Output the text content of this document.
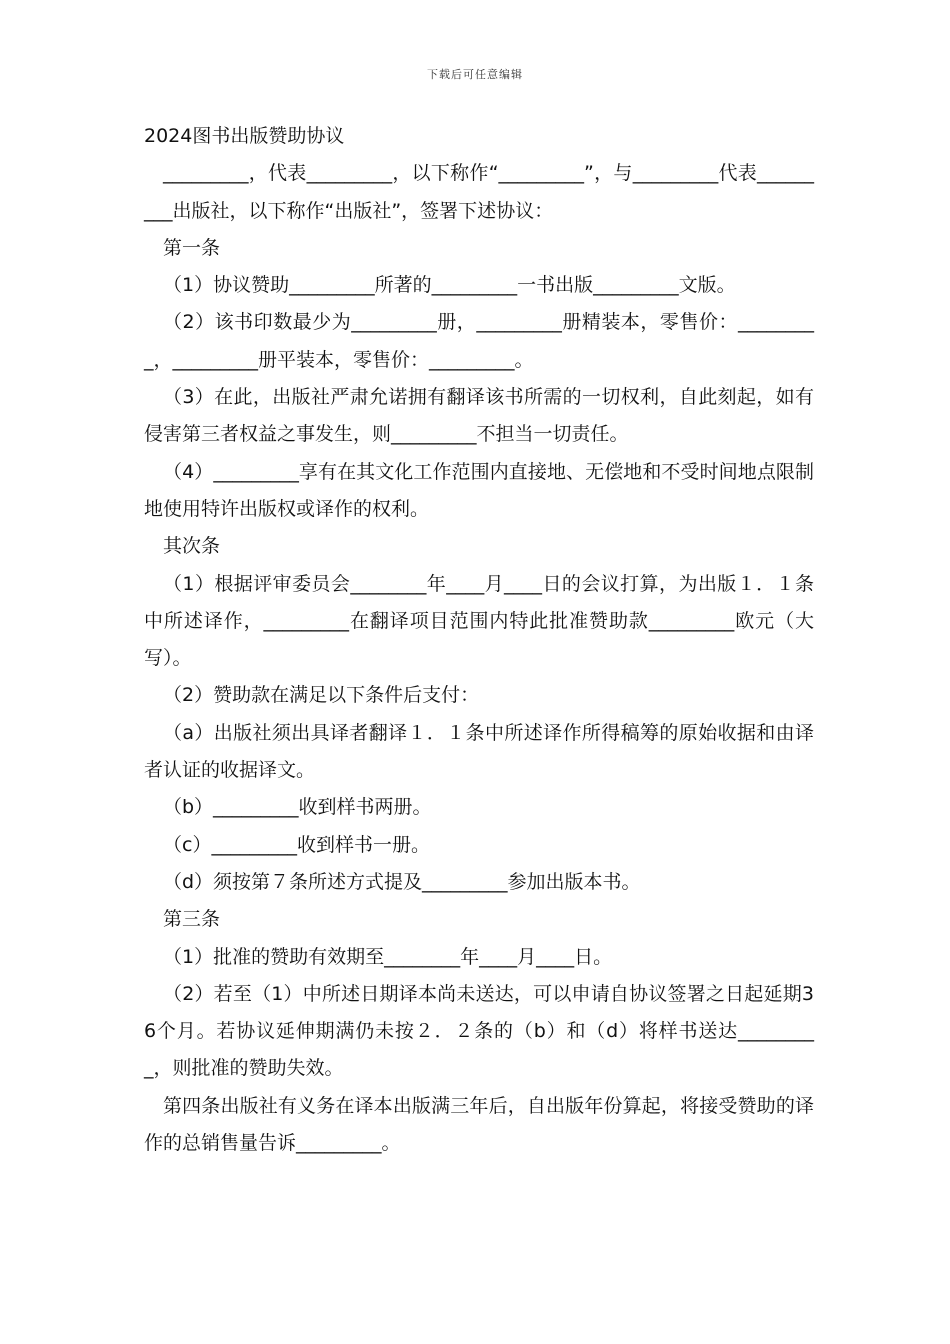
下载后可任意编辑

2024图书出版赞助协议

_________，代表_________，以下称作“_________”，与_________代表_________出版社，以下称作“出版社”，签署下述协议：

第一条

（1）协议赞助_________所著的_________一书出版_________文版。

（2）该书印数最少为_________册，_________册精装本，零售价：_________，_________册平装本，零售价：_________。

（3）在此，出版社严肃允诺拥有翻译该书所需的一切权利，自此刻起，如有侵害第三者权益之事发生，则_________不担当一切责任。

（4）_________享有在其文化工作范围内直接地、无偿地和不受时间地点限制地使用特许出版权或译作的权利。

其次条

（1）根据评审委员会________年____月____日的会议打算，为出版１．１条中所述译作，_________在翻译项目范围内特此批准赞助款_________欧元（大写）。

（2）赞助款在满足以下条件后支付：

（a）出版社须出具译者翻译１．１条中所述译作所得稿筹的原始收据和由译者认证的收据译文。

（b）_________收到样书两册。

（c）_________收到样书一册。

（d）须按第７条所述方式提及_________参加出版本书。

第三条

（1）批准的赞助有效期至________年____月____日。

（2）若至（1）中所述日期译本尚未送达，可以申请自协议签署之日起延期36个月。若协议延伸期满仍未按２．２条的（b）和（d）将样书送达_________，则批准的赞助失效。

第四条出版社有义务在译本出版满三年后，自出版年份算起，将接受赞助的译作的总销售量告诉_________。
